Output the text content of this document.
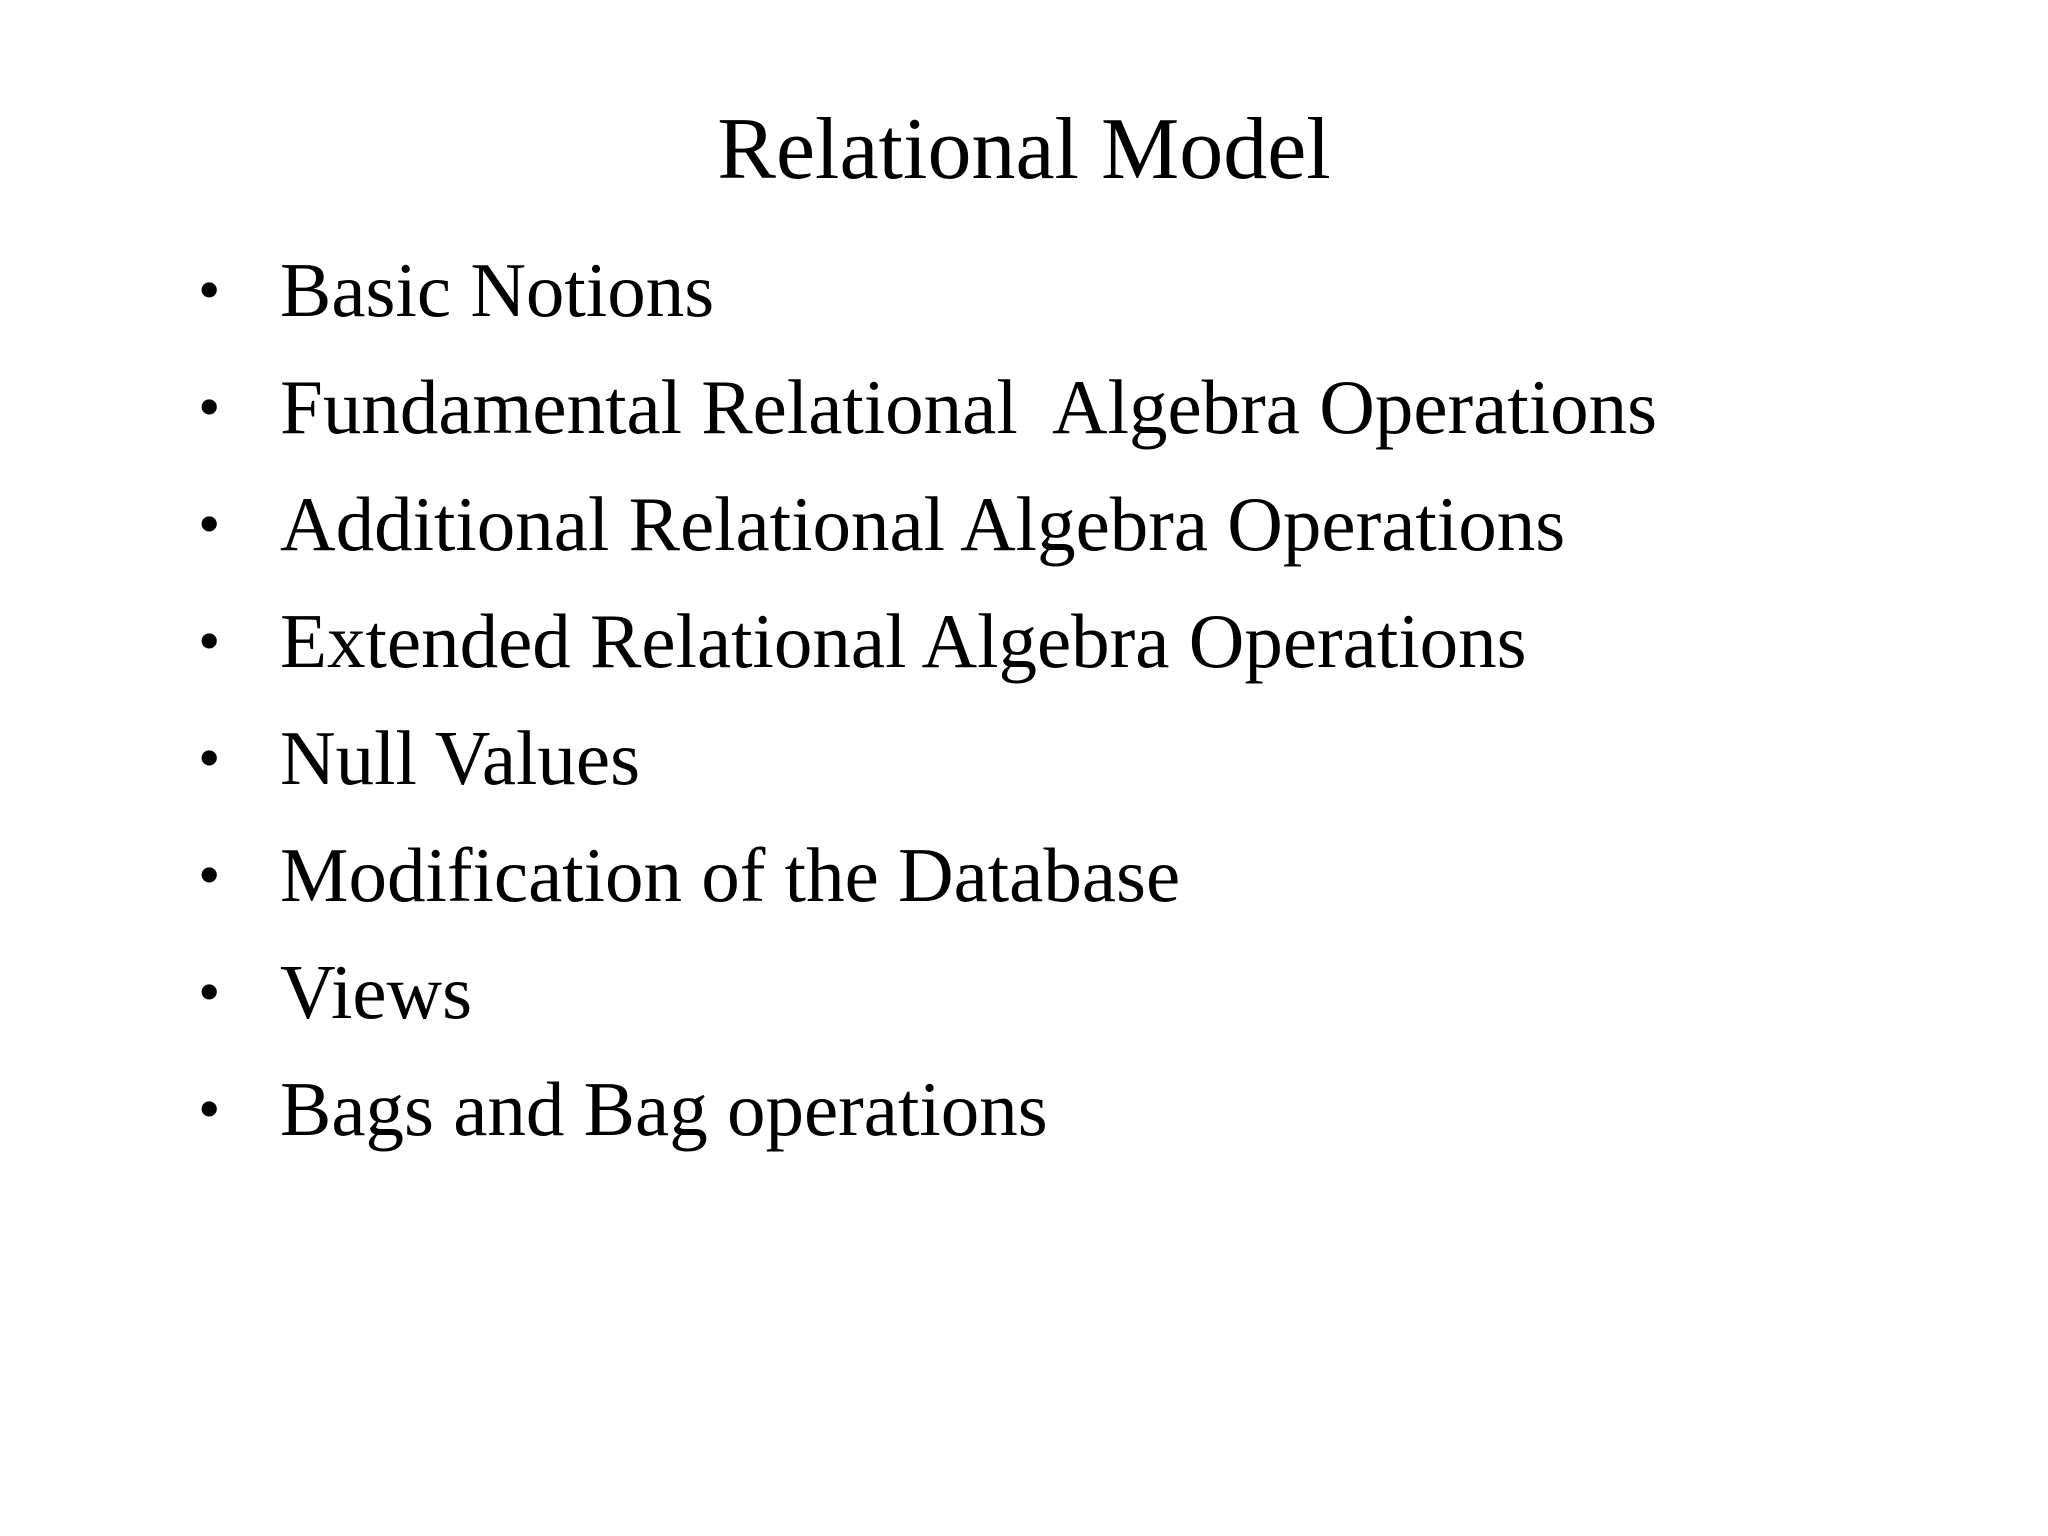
Relational Model

•

Basic Notions

•

Fundamental Relational  Algebra Operations

•

Additional Relational Algebra Operations

•

Extended Relational Algebra Operations

•

Null Values

•

Modification of the Database

•

Views

•

Bags and Bag operations
